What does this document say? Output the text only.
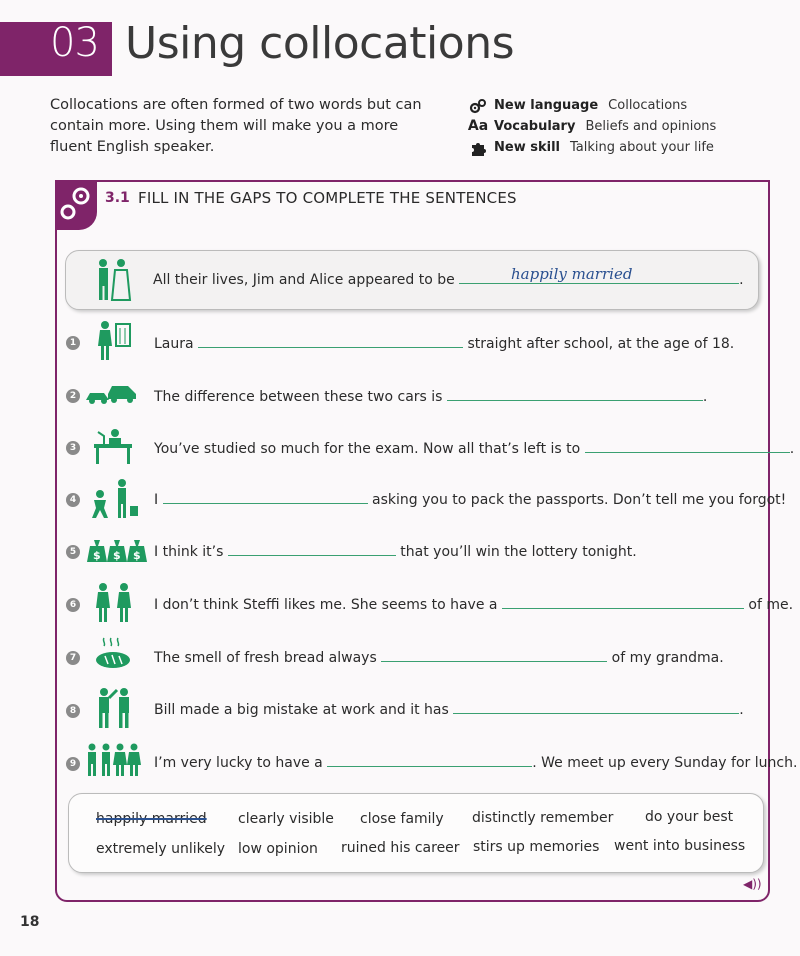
03 Using collocations
Collocations are often formed of two words but can contain more. Using them will make you a more fluent English speaker.
New language Collocations
Aa Vocabulary Beliefs and opinions
New skill Talking about your life
3.1 FILL IN THE GAPS TO COMPLETE THE SENTENCES
All their lives, Jim and Alice appeared to be	.
happily married
1	Laura	straight after school, at the age of 18.
2	The difference between these two cars is	.
3	You’ve studied so much for the exam. Now all that’s left is to	.
4	I	asking you to pack the passports. Don’t tell me you forgot!
5	$ $ $ I think it’s	that you’ll win the lottery tonight.
6	I don’t think Steffi likes me. She seems to have a	of me.
7	The smell of fresh bread always	of my grandma.
8	Bill made a big mistake at work and it has	.
9	I’m very lucky to have a	. We meet up every Sunday for lunch.
happily married clearly visible close family distinctly remember do your best
extremely unlikely low opinion ruined his career stirs up memories went into business
◀))
18
